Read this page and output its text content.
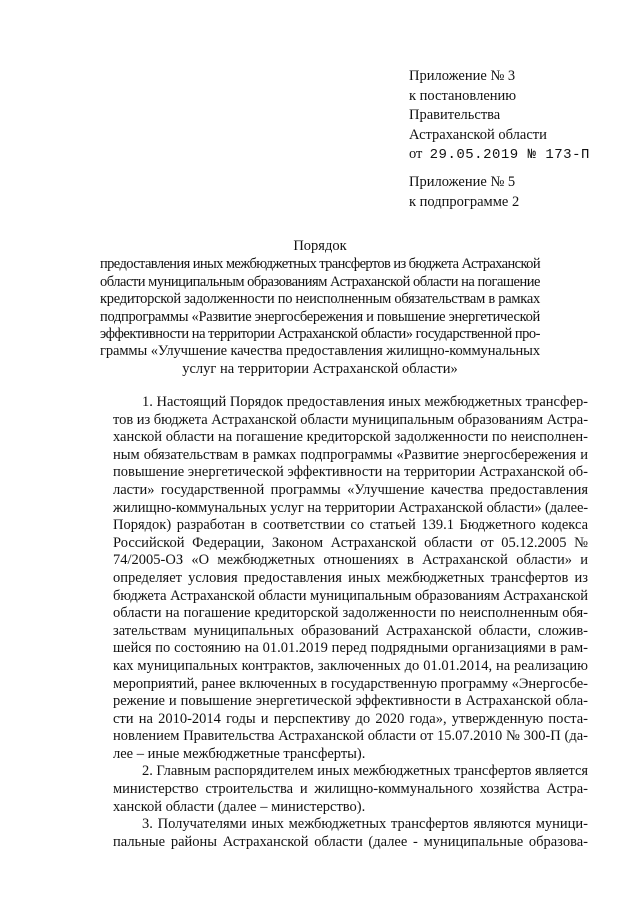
Приложение № 3
к постановлению
Правительства
Астраханской области
от 29.05.2019 № 173-П
Приложение № 5
к подпрограмме 2
Порядок
предоставления иных межбюджетных трансфертов из бюджета Астраханской
области муниципальным образованиям Астраханской области на погашение
кредиторской задолженности по неисполненным обязательствам в рамках
подпрограммы «Развитие энергосбережения и повышение энергетической
эффективности на территории Астраханской области» государственной про-
граммы «Улучшение качества предоставления жилищно-коммунальных
услуг на территории Астраханской области»
1. Настоящий Порядок предоставления иных межбюджетных трансфер-
тов из бюджета Астраханской области муниципальным образованиям Астра-
ханской области на погашение кредиторской задолженности по неисполнен-
ным обязательствам в рамках подпрограммы «Развитие энергосбережения и
повышение энергетической эффективности на территории Астраханской об-
ласти» государственной программы «Улучшение качества предоставления
жилищно-коммунальных услуг на территории Астраханской области» (далее-
Порядок) разработан в соответствии со статьей 139.1 Бюджетного кодекса
Российской Федерации, Законом Астраханской области от 05.12.2005 №
74/2005-ОЗ «О межбюджетных отношениях в Астраханской области» и
определяет условия предоставления иных межбюджетных трансфертов из
бюджета Астраханской области муниципальным образованиям Астраханской
области на погашение кредиторской задолженности по неисполненным обя-
зательствам муниципальных образований Астраханской области, сложив-
шейся по состоянию на 01.01.2019 перед подрядными организациями в рам-
ках муниципальных контрактов, заключенных до 01.01.2014, на реализацию
мероприятий, ранее включенных в государственную программу «Энергосбе-
режение и повышение энергетической эффективности в Астраханской обла-
сти на 2010-2014 годы и перспективу до 2020 года», утвержденную поста-
новлением Правительства Астраханской области от 15.07.2010 № 300-П (да-
лее – иные межбюджетные трансферты).
2. Главным распорядителем иных межбюджетных трансфертов является
министерство строительства и жилищно-коммунального хозяйства Астра-
ханской области (далее – министерство).
3. Получателями иных межбюджетных трансфертов являются муници-
пальные районы Астраханской области (далее - муниципальные образова-
